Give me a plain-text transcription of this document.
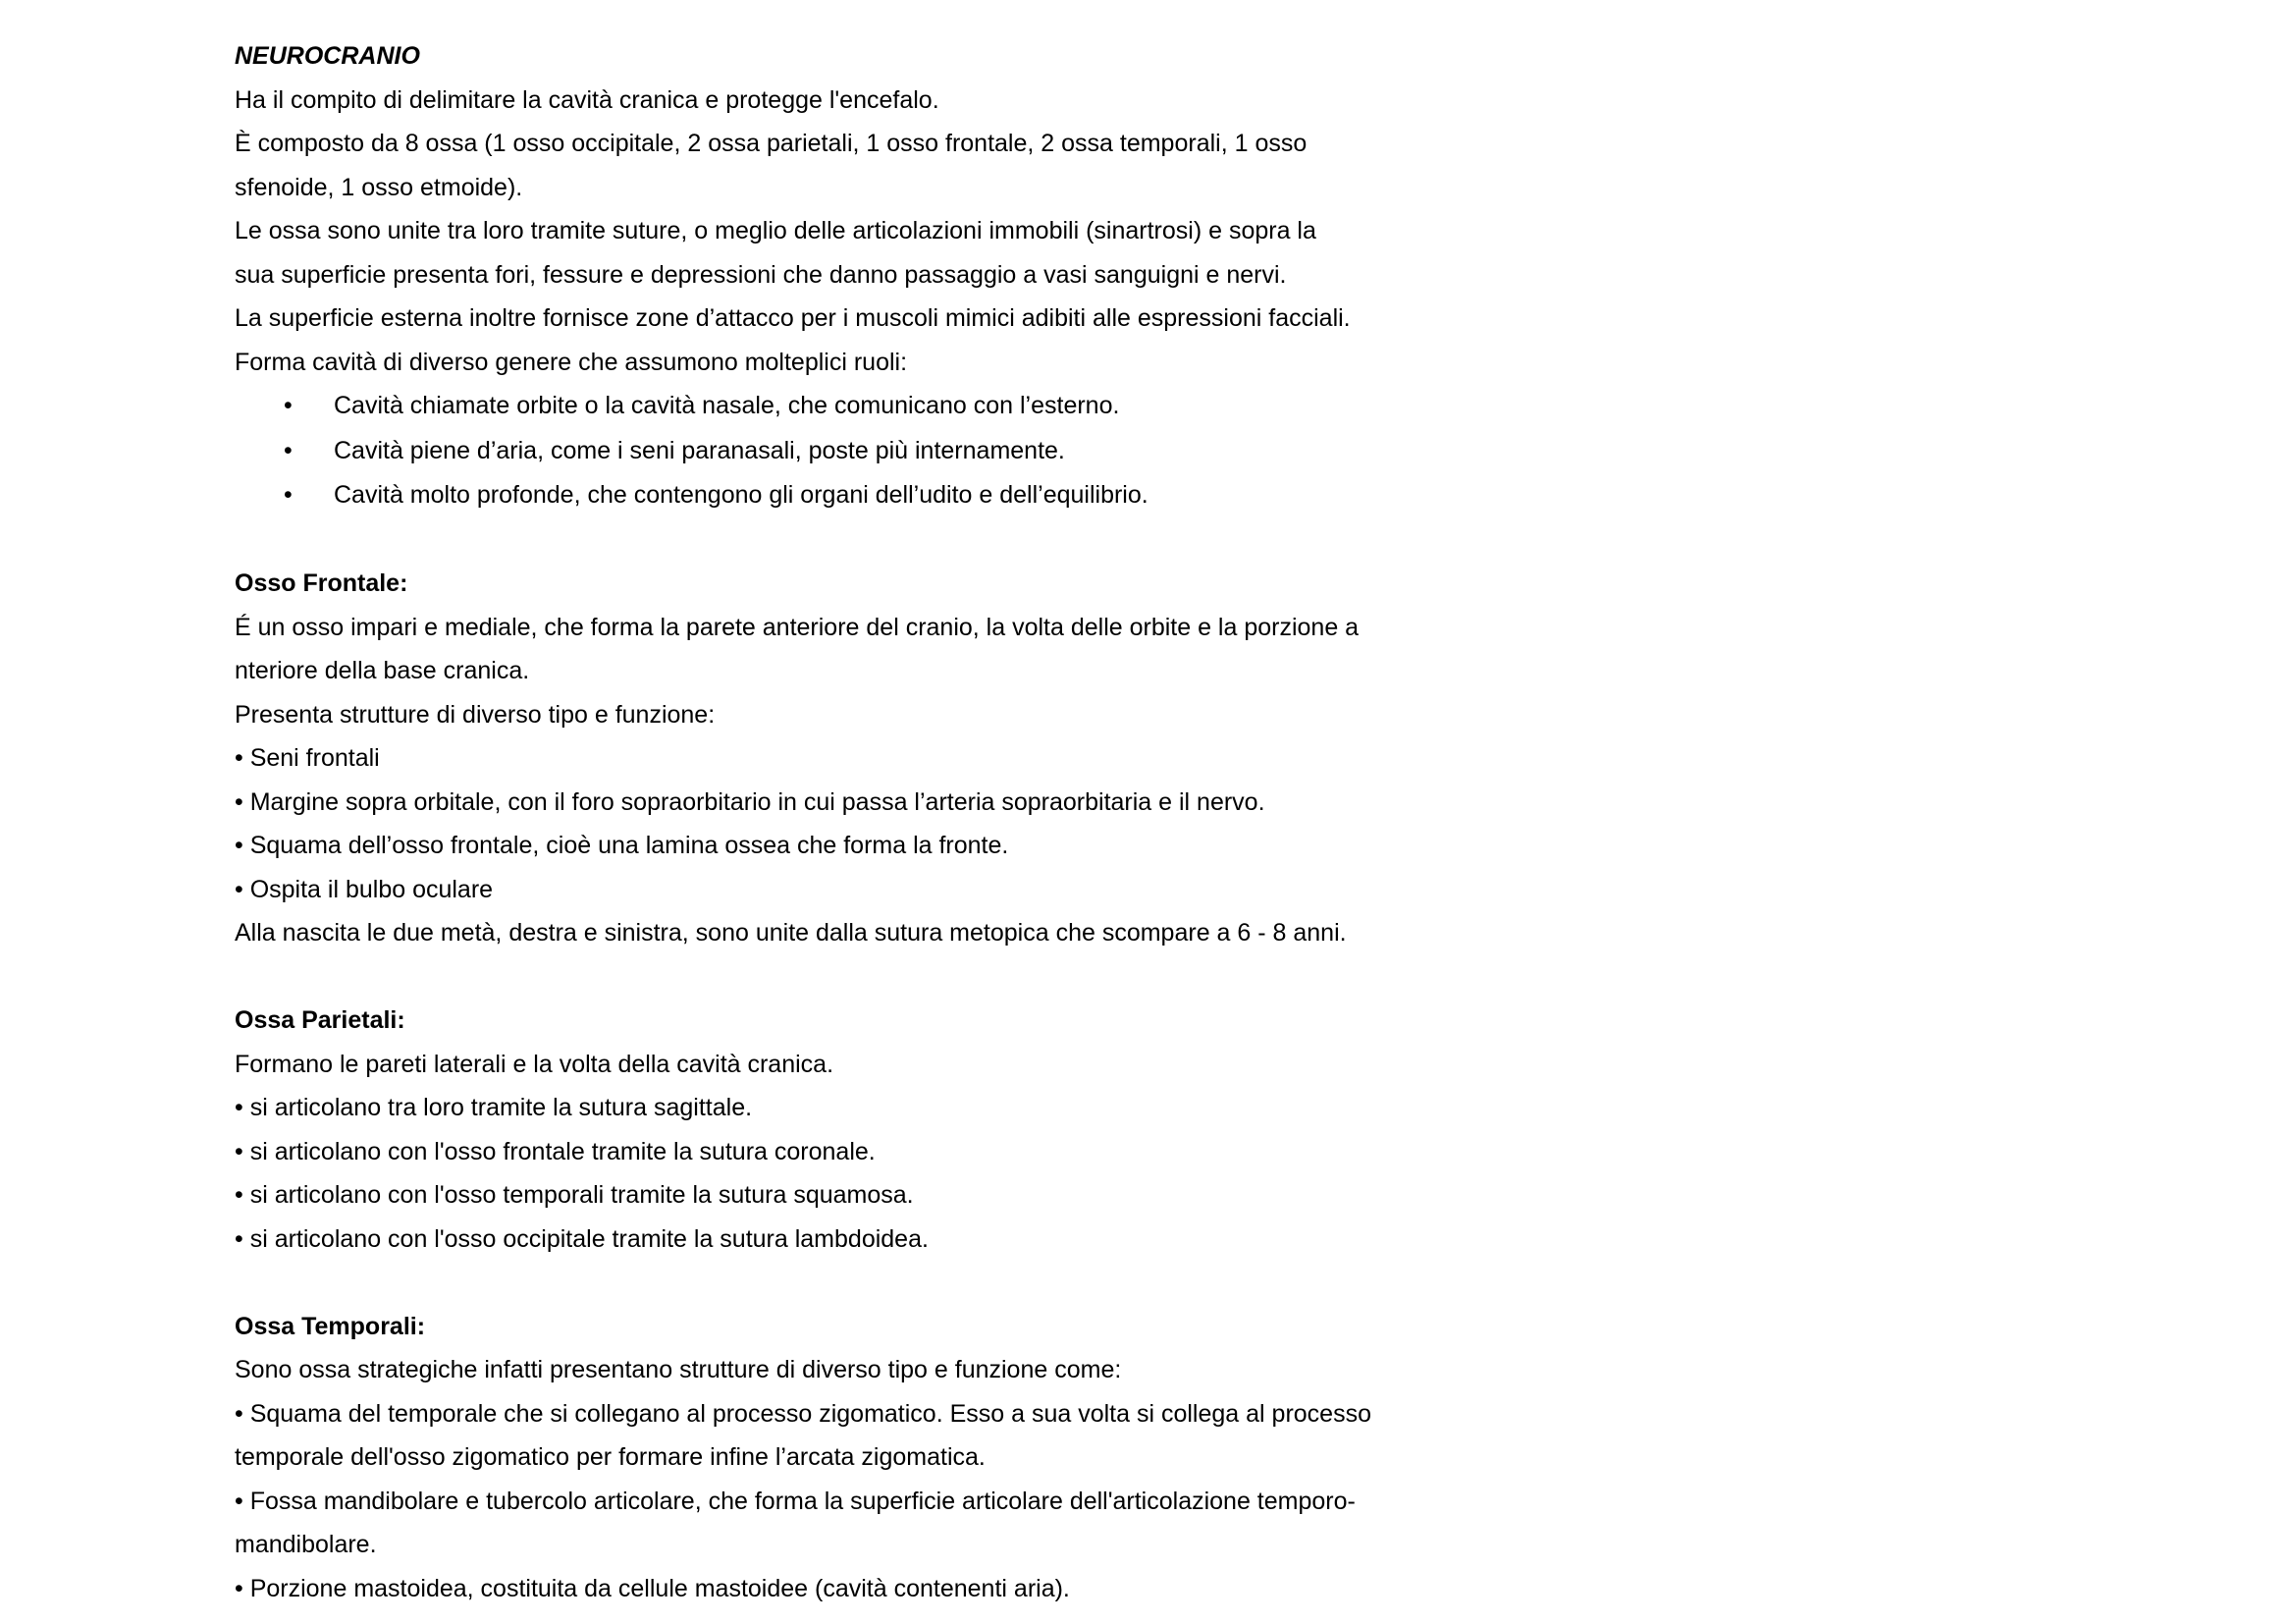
NEUROCRANIO

Ha il compito di delimitare la cavità cranica e protegge l'encefalo.

È composto da 8 ossa (1 osso occipitale, 2 ossa parietali, 1 osso frontale, 2 ossa temporali, 1 osso

sfenoide, 1 osso etmoide).

Le ossa sono unite tra loro tramite suture, o meglio delle articolazioni immobili (sinartrosi) e sopra la

sua superficie presenta fori, fessure e depressioni che danno passaggio a vasi sanguigni e nervi.

La superficie esterna inoltre fornisce zone d’attacco per i muscoli mimici adibiti alle espressioni facciali.

Forma cavità di diverso genere che assumono molteplici ruoli:

• Cavità chiamate orbite o la cavità nasale, che comunicano con l’esterno.
• Cavità piene d’aria, come i seni paranasali, poste più internamente.
• Cavità molto profonde, che contengono gli organi dell’udito e dell’equilibrio.

Osso Frontale:

É un osso impari e mediale, che forma la parete anteriore del cranio, la volta delle orbite e la porzione a

nteriore della base cranica.

Presenta strutture di diverso tipo e funzione:

• Seni frontali

• Margine sopra orbitale, con il foro sopraorbitario in cui passa l’arteria sopraorbitaria e il nervo.

• Squama dell’osso frontale, cioè una lamina ossea che forma la fronte.

• Ospita il bulbo oculare

Alla nascita le due metà, destra e sinistra, sono unite dalla sutura metopica che scompare a 6 - 8 anni.

Ossa Parietali:

Formano le pareti laterali e la volta della cavità cranica.

• si articolano tra loro tramite la sutura sagittale.

• si articolano con l'osso frontale tramite la sutura coronale.

• si articolano con l'osso temporali tramite la sutura squamosa.

• si articolano con l'osso occipitale tramite la sutura lambdoidea.

Ossa Temporali:

Sono ossa strategiche infatti presentano strutture di diverso tipo e funzione come:

• Squama del temporale che si collegano al processo zigomatico. Esso a sua volta si collega al processo

temporale dell'osso zigomatico per formare infine l’arcata zigomatica.

• Fossa mandibolare e tubercolo articolare, che forma la superficie articolare dell'articolazione temporo-

mandibolare.

• Porzione mastoidea, costituita da cellule mastoidee (cavità contenenti aria).
